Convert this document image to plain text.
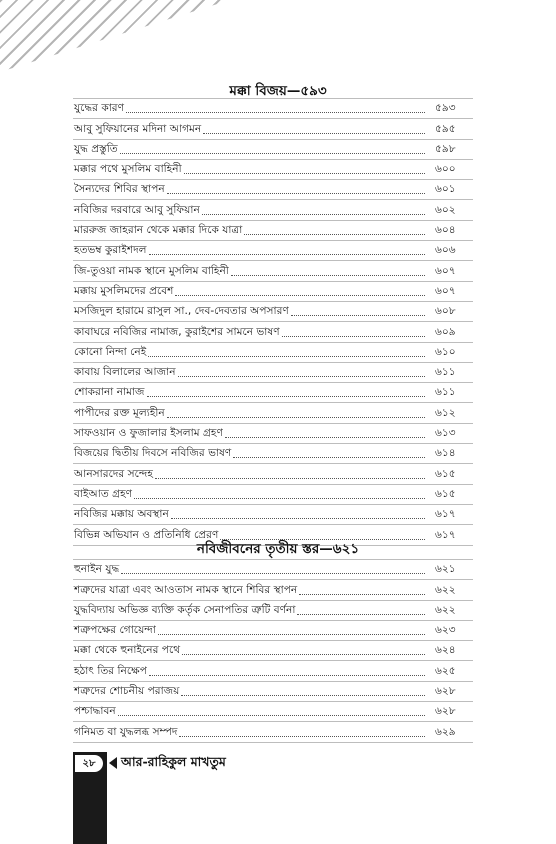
মক্কা বিজয়—৫৯৩
যুদ্ধের কারণ	৫৯৩
আবু সুফিয়ানের মদিনা আগমন	৫৯৫
যুদ্ধ প্রস্তুতি	৫৯৮
মক্কার পথে মুসলিম বাহিনী	৬০০
সৈন্যদের শিবির স্থাপন	৬০১
নবিজির দরবারে আবু সুফিয়ান	৬০২
মাররুজ জাহরান থেকে মক্কার দিকে যাত্রা	৬০৪
হতভম্ব কুরাইশদল	৬০৬
জি-তুওয়া নামক স্থানে মুসলিম বাহিনী	৬০৭
মক্কায় মুসলিমদের প্রবেশ	৬০৭
মসজিদুল হারামে রাসুল সা., দেব-দেবতার অপসারণ	৬০৮
কাবাঘরে নবিজির নামাজ, কুরাইশের সামনে ভাষণ	৬০৯
কোনো নিন্দা নেই	৬১০
কাবায় বিলালের আজান	৬১১
শোকরানা নামাজ	৬১১
পাপীদের রক্ত মূল্যহীন	৬১২
সাফওয়ান ও ফুজালার ইসলাম গ্রহণ	৬১৩
বিজয়ের দ্বিতীয় দিবসে নবিজির ভাষণ	৬১৪
আনসারদের সন্দেহ	৬১৫
বাইআত গ্রহণ	৬১৫
নবিজির মক্কায় অবস্থান	৬১৭
বিভিন্ন অভিযান ও প্রতিনিধি প্রেরণ	৬১৭
নবিজীবনের তৃতীয় স্তর—৬২১
হুনাইন যুদ্ধ	৬২১
শত্রুদের যাত্রা এবং আওতাস নামক স্থানে শিবির স্থাপন	৬২২
যুদ্ধবিদ্যায় অভিজ্ঞ ব্যক্তি কর্তৃক সেনাপতির ত্রুটি বর্ণনা	৬২২
শত্রুপক্ষের গোয়েন্দা	৬২৩
মক্কা থেকে হুনাইনের পথে	৬২৪
হঠাৎ তির নিক্ষেপ	৬২৫
শত্রুদের শোচনীয় পরাজয়	৬২৮
পশ্চাদ্ধাবন	৬২৮
গনিমত বা যুদ্ধলব্ধ সম্পদ	৬২৯
২৮	আর-রাহিকুল মাখতুম
